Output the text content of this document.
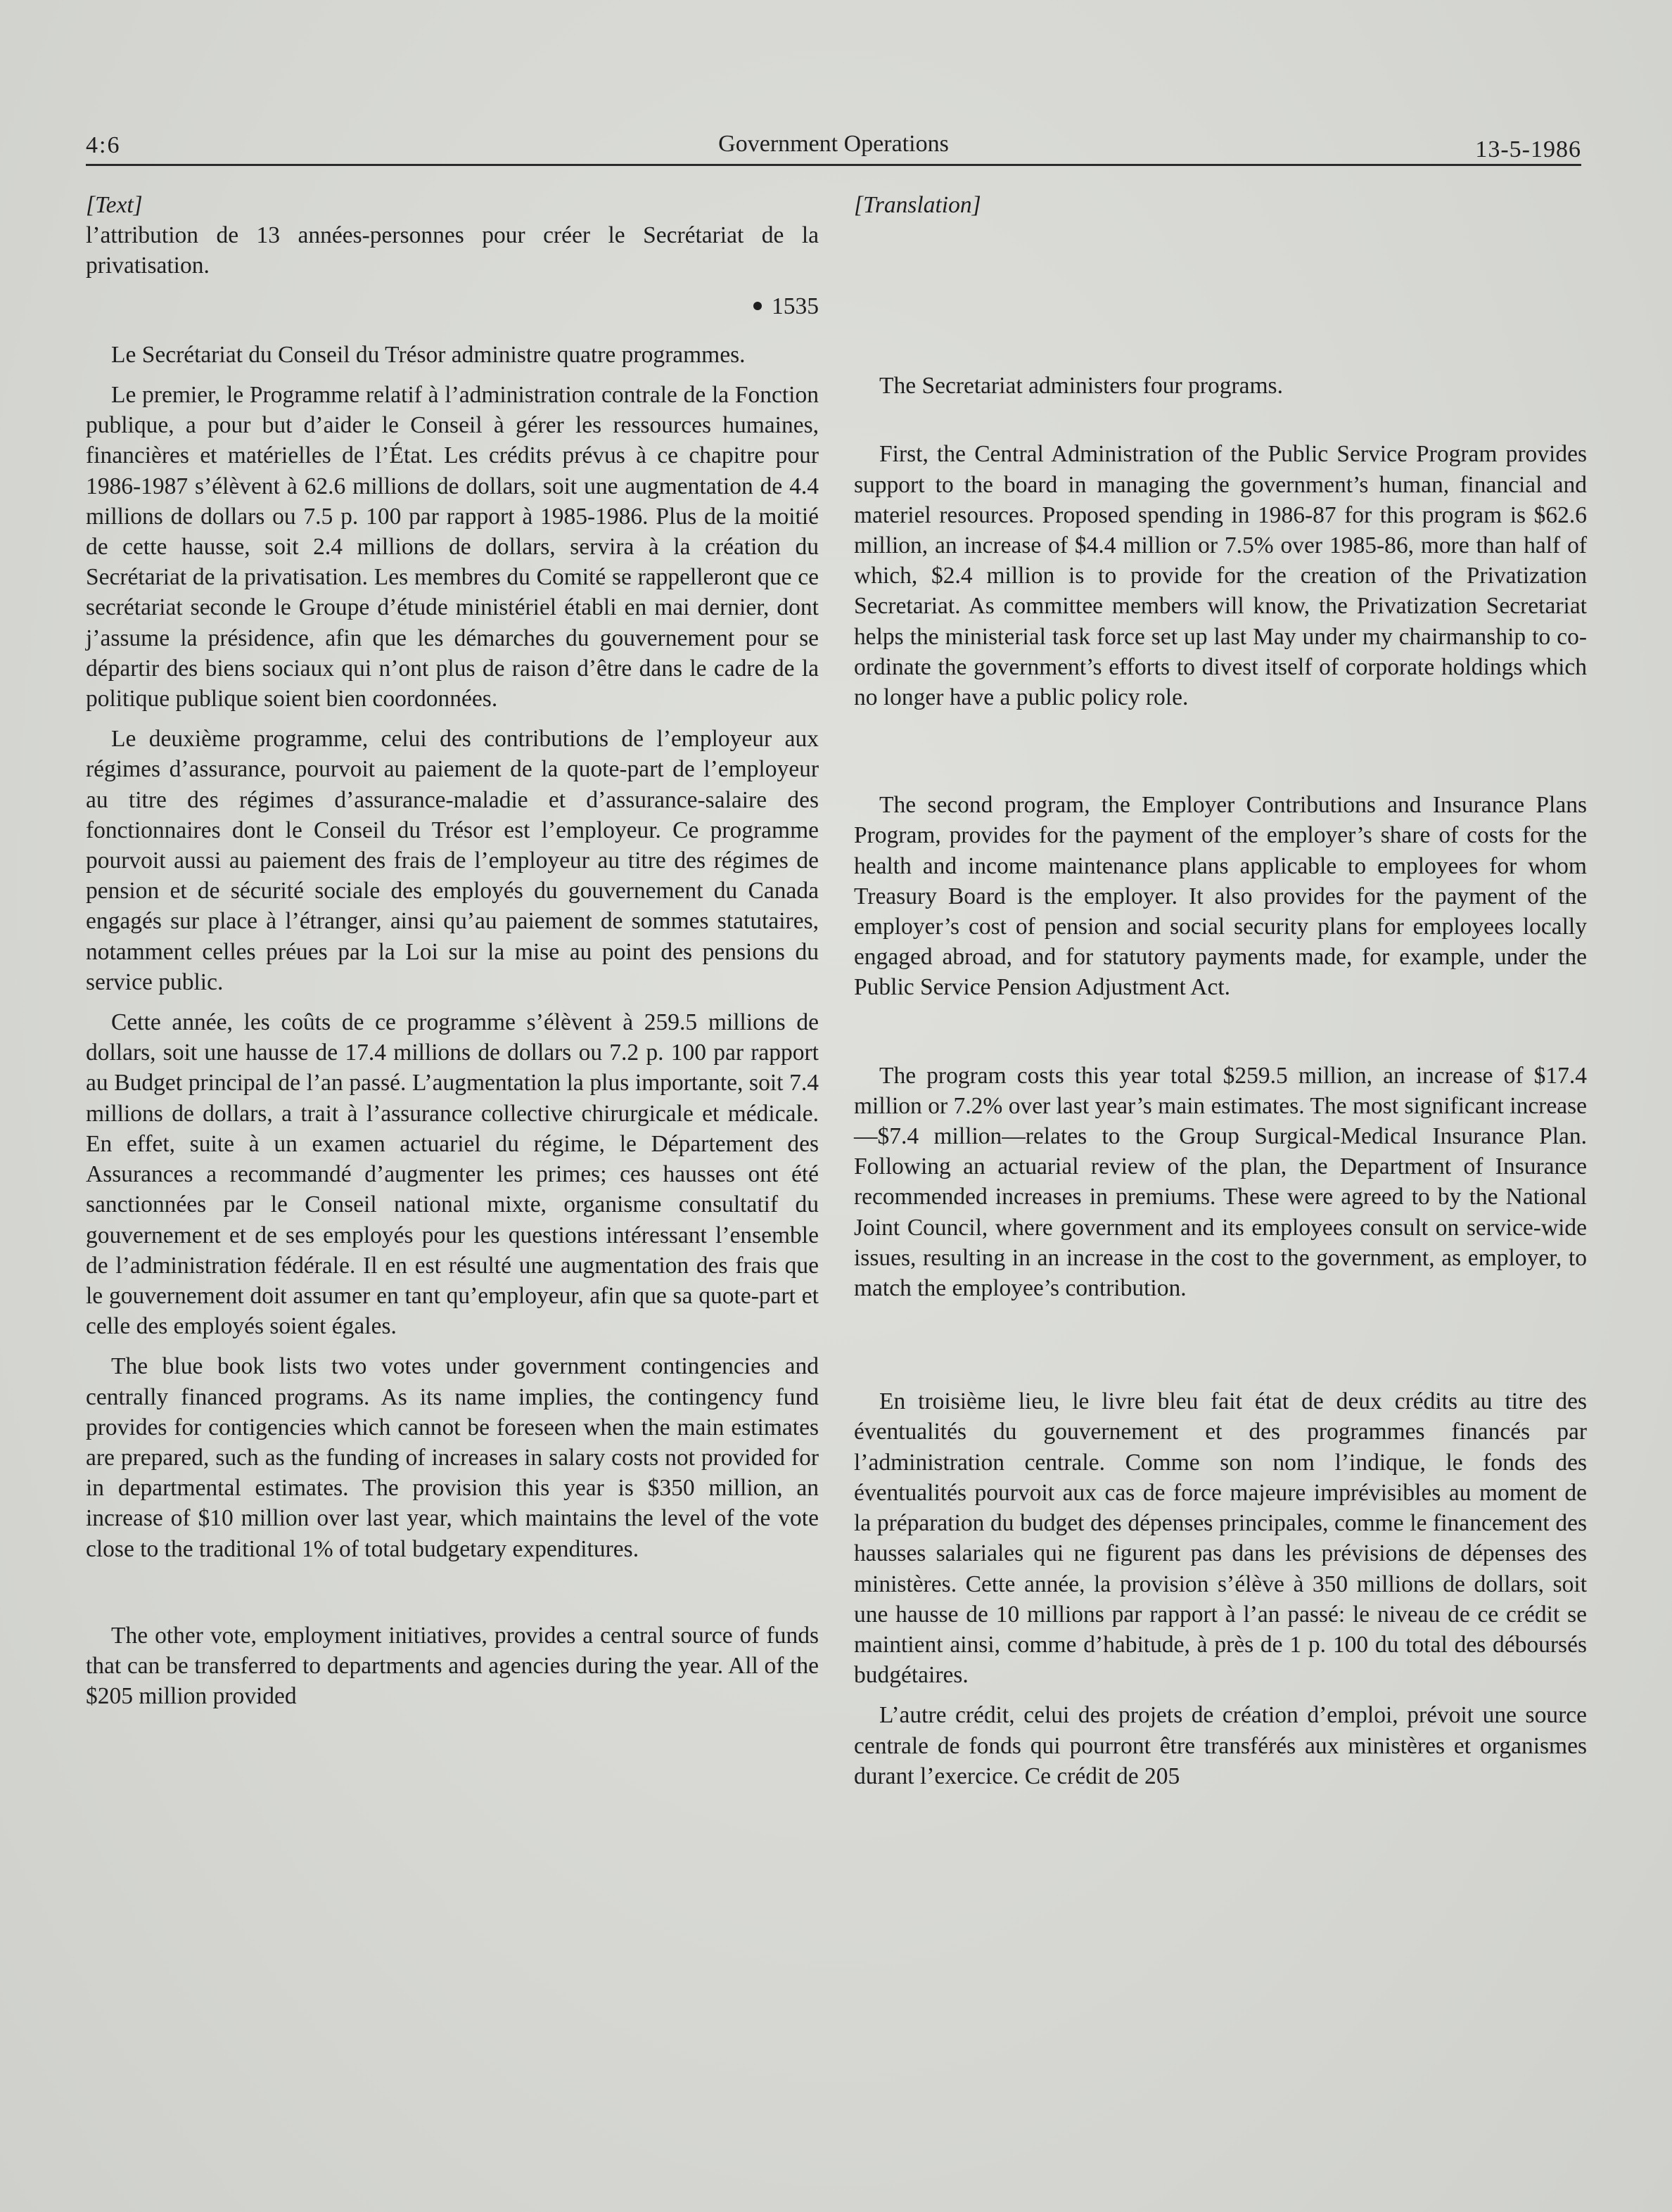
4:6	Government Operations	13-5-1986
[Text]

l’attribution de 13 années-personnes pour créer le Secrétariat de la privatisation.

1535

Le Secrétariat du Conseil du Trésor administre quatre programmes.

Le premier, le Programme relatif à l’administration contrale de la Fonction publique, a pour but d’aider le Conseil à gérer les ressources humaines, financières et matérielles de l’État. Les crédits prévus à ce chapitre pour 1986-1987 s’élèvent à 62.6 millions de dollars, soit une augmentation de 4.4 millions de dollars ou 7.5 p. 100 par rapport à 1985-1986. Plus de la moitié de cette hausse, soit 2.4 millions de dollars, servira à la création du Secrétariat de la privatisation. Les membres du Comité se rappelleront que ce secrétariat seconde le Groupe d’étude ministériel établi en mai dernier, dont j’assume la présidence, afin que les démarches du gouvernement pour se départir des biens sociaux qui n’ont plus de raison d’être dans le cadre de la politique publique soient bien coordonnées.

Le deuxième programme, celui des contributions de l’employeur aux régimes d’assurance, pourvoit au paiement de la quote-part de l’employeur au titre des régimes d’assurance-maladie et d’assurance-salaire des fonctionnaires dont le Conseil du Trésor est l’employeur. Ce programme pourvoit aussi au paiement des frais de l’employeur au titre des régimes de pension et de sécurité sociale des employés du gouvernement du Canada engagés sur place à l’étranger, ainsi qu’au paiement de sommes statutaires, notamment celles préues par la Loi sur la mise au point des pensions du service public.

Cette année, les coûts de ce programme s’élèvent à 259.5 millions de dollars, soit une hausse de 17.4 millions de dollars ou 7.2 p. 100 par rapport au Budget principal de l’an passé. L’augmentation la plus importante, soit 7.4 millions de dollars, a trait à l’assurance collective chirurgicale et médicale. En effet, suite à un examen actuariel du régime, le Département des Assurances a recommandé d’augmenter les primes; ces hausses ont été sanctionnées par le Conseil national mixte, organisme consultatif du gouvernement et de ses employés pour les questions intéressant l’ensemble de l’administration fédérale. Il en est résulté une augmentation des frais que le gouvernement doit assumer en tant qu’employeur, afin que sa quote-part et celle des employés soient égales.

The blue book lists two votes under government contingencies and centrally financed programs. As its name implies, the contingency fund provides for contigencies which cannot be foreseen when the main estimates are prepared, such as the funding of increases in salary costs not provided for in departmental estimates. The provision this year is $350 million, an increase of $10 million over last year, which maintains the level of the vote close to the traditional 1% of total budgetary expenditures.

The other vote, employment initiatives, provides a central source of funds that can be transferred to departments and agencies during the year. All of the $205 million provided

[Translation]

The Secretariat administers four programs.

First, the Central Administration of the Public Service Program provides support to the board in managing the government’s human, financial and materiel resources. Proposed spending in 1986-87 for this program is $62.6 million, an increase of $4.4 million or 7.5% over 1985-86, more than half of which, $2.4 million is to provide for the creation of the Privatization Secretariat. As committee members will know, the Privatization Secretariat helps the ministerial task force set up last May under my chairmanship to co-ordinate the government’s efforts to divest itself of corporate holdings which no longer have a public policy role.

The second program, the Employer Contributions and Insurance Plans Program, provides for the payment of the employer’s share of costs for the health and income maintenance plans applicable to employees for whom Treasury Board is the employer. It also provides for the payment of the employer’s cost of pension and social security plans for employees locally engaged abroad, and for statutory payments made, for example, under the Public Service Pension Adjustment Act.

The program costs this year total $259.5 million, an increase of $17.4 million or 7.2% over last year’s main estimates. The most significant increase—$7.4 million—relates to the Group Surgical-Medical Insurance Plan. Following an actuarial review of the plan, the Department of Insurance recommended increases in premiums. These were agreed to by the National Joint Council, where government and its employees consult on service-wide issues, resulting in an increase in the cost to the government, as employer, to match the employee’s contribution.

En troisième lieu, le livre bleu fait état de deux crédits au titre des éventualités du gouvernement et des programmes financés par l’administration centrale. Comme son nom l’indique, le fonds des éventualités pourvoit aux cas de force majeure imprévisibles au moment de la préparation du budget des dépenses principales, comme le financement des hausses salariales qui ne figurent pas dans les prévisions de dépenses des ministères. Cette année, la provision s’élève à 350 millions de dollars, soit une hausse de 10 millions par rapport à l’an passé: le niveau de ce crédit se maintient ainsi, comme d’habitude, à près de 1 p. 100 du total des déboursés budgétaires.

L’autre crédit, celui des projets de création d’emploi, prévoit une source centrale de fonds qui pourront être transférés aux ministères et organismes durant l’exercice. Ce crédit de 205
